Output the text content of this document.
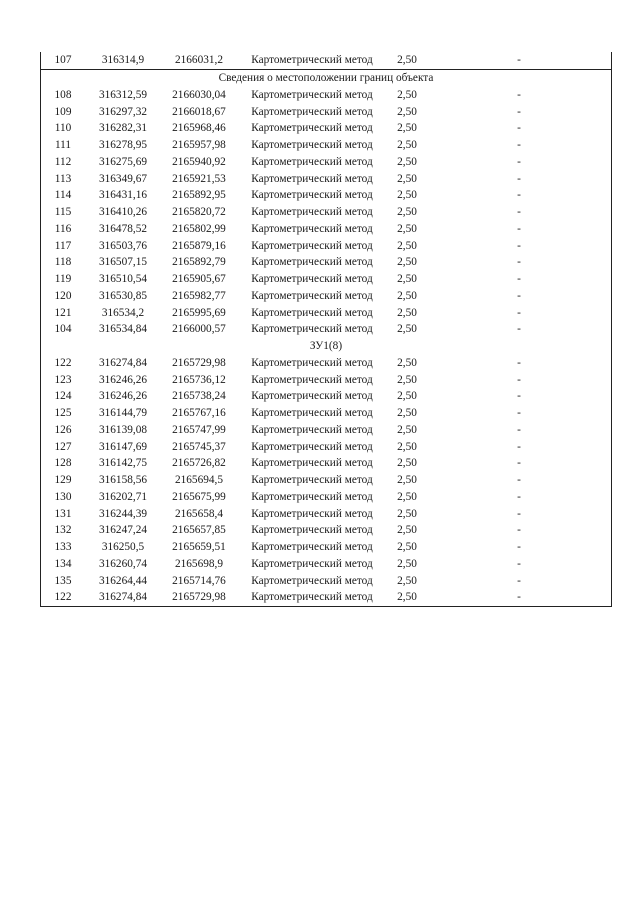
107	316314,9	2166031,2	Картометрический метод	2,50	-
Сведения о местоположении границ объекта
108	316312,59	2166030,04	Картометрический метод	2,50	-
109	316297,32	2166018,67	Картометрический метод	2,50	-
110	316282,31	2165968,46	Картометрический метод	2,50	-
111	316278,95	2165957,98	Картометрический метод	2,50	-
112	316275,69	2165940,92	Картометрический метод	2,50	-
113	316349,67	2165921,53	Картометрический метод	2,50	-
114	316431,16	2165892,95	Картометрический метод	2,50	-
115	316410,26	2165820,72	Картометрический метод	2,50	-
116	316478,52	2165802,99	Картометрический метод	2,50	-
117	316503,76	2165879,16	Картометрический метод	2,50	-
118	316507,15	2165892,79	Картометрический метод	2,50	-
119	316510,54	2165905,67	Картометрический метод	2,50	-
120	316530,85	2165982,77	Картометрический метод	2,50	-
121	316534,2	2165995,69	Картометрический метод	2,50	-
104	316534,84	2166000,57	Картометрический метод	2,50	-
ЗУ1(8)
122	316274,84	2165729,98	Картометрический метод	2,50	-
123	316246,26	2165736,12	Картометрический метод	2,50	-
124	316246,26	2165738,24	Картометрический метод	2,50	-
125	316144,79	2165767,16	Картометрический метод	2,50	-
126	316139,08	2165747,99	Картометрический метод	2,50	-
127	316147,69	2165745,37	Картометрический метод	2,50	-
128	316142,75	2165726,82	Картометрический метод	2,50	-
129	316158,56	2165694,5	Картометрический метод	2,50	-
130	316202,71	2165675,99	Картометрический метод	2,50	-
131	316244,39	2165658,4	Картометрический метод	2,50	-
132	316247,24	2165657,85	Картометрический метод	2,50	-
133	316250,5	2165659,51	Картометрический метод	2,50	-
134	316260,74	2165698,9	Картометрический метод	2,50	-
135	316264,44	2165714,76	Картометрический метод	2,50	-
122	316274,84	2165729,98	Картометрический метод	2,50	-
